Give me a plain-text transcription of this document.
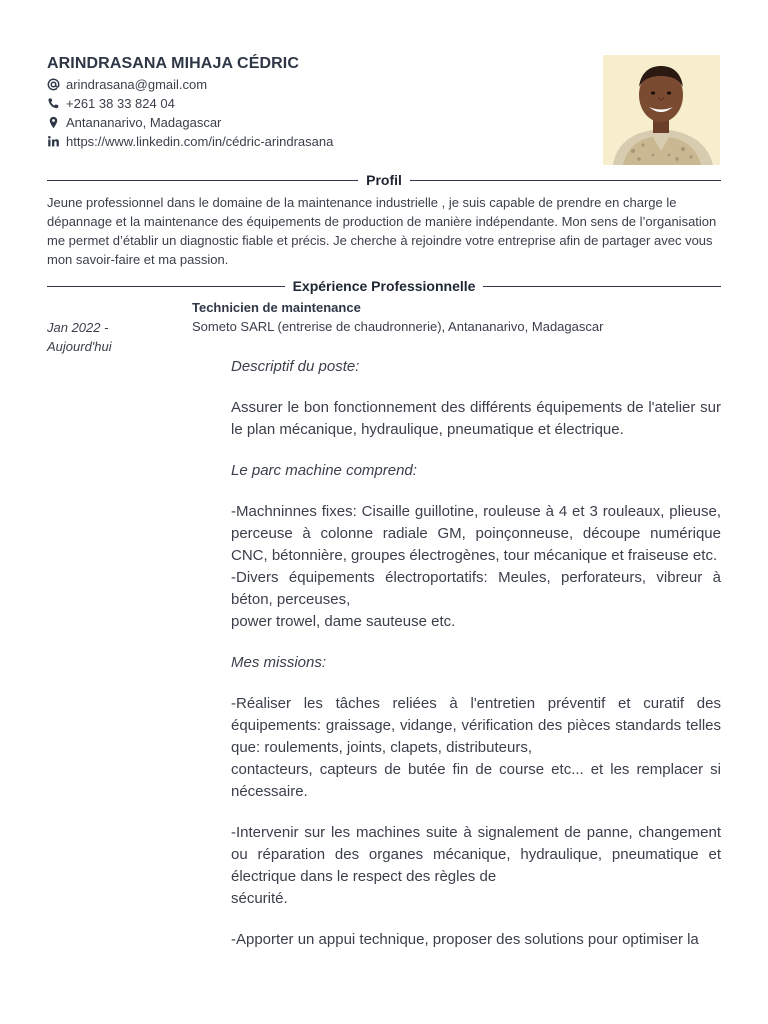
ARINDRASANA MIHAJA CÉDRIC
arindrasana@gmail.com
+261 38 33 824 04
Antananarivo, Madagascar
https://www.linkedin.com/in/cédric-arindrasana
Profil
Jeune professionnel dans le domaine de la maintenance industrielle , je suis capable de prendre en charge le dépannage et la maintenance des équipements de production de manière indépendante. Mon sens de l’organisation me permet d’établir un diagnostic fiable et précis. Je cherche à rejoindre votre entreprise afin de partager avec vous mon savoir-faire et ma passion.
Expérience Professionnelle
Technicien de maintenance
Someto SARL (entrerise de chaudronnerie), Antananarivo, Madagascar
Jan 2022 -
Aujourd'hui

Descriptif du poste:

Assurer le bon fonctionnement des différents équipements de l'atelier sur le plan mécanique, hydraulique, pneumatique et électrique.

Le parc machine comprend:

-Machninnes fixes: Cisaille guillotine, rouleuse à 4 et 3 rouleaux, plieuse, perceuse à colonne radiale GM, poinçonneuse, découpe numérique CNC, bétonnière, groupes électrogènes, tour mécanique et fraiseuse etc.
-Divers équipements électroportatifs: Meules, perforateurs, vibreur à béton, perceuses,

power trowel, dame sauteuse etc.

Mes missions:

-Réaliser les tâches reliées à l'entretien préventif et curatif des équipements: graissage, vidange, vérification des pièces standards telles que: roulements, joints, clapets, distributeurs,

contacteurs, capteurs de butée fin de course etc... et les remplacer si nécessaire.

-Intervenir sur les machines suite à signalement de panne, changement ou réparation des organes mécanique, hydraulique, pneumatique et électrique dans le respect des règles de

sécurité.

-Apporter un appui technique, proposer des solutions pour optimiser la
